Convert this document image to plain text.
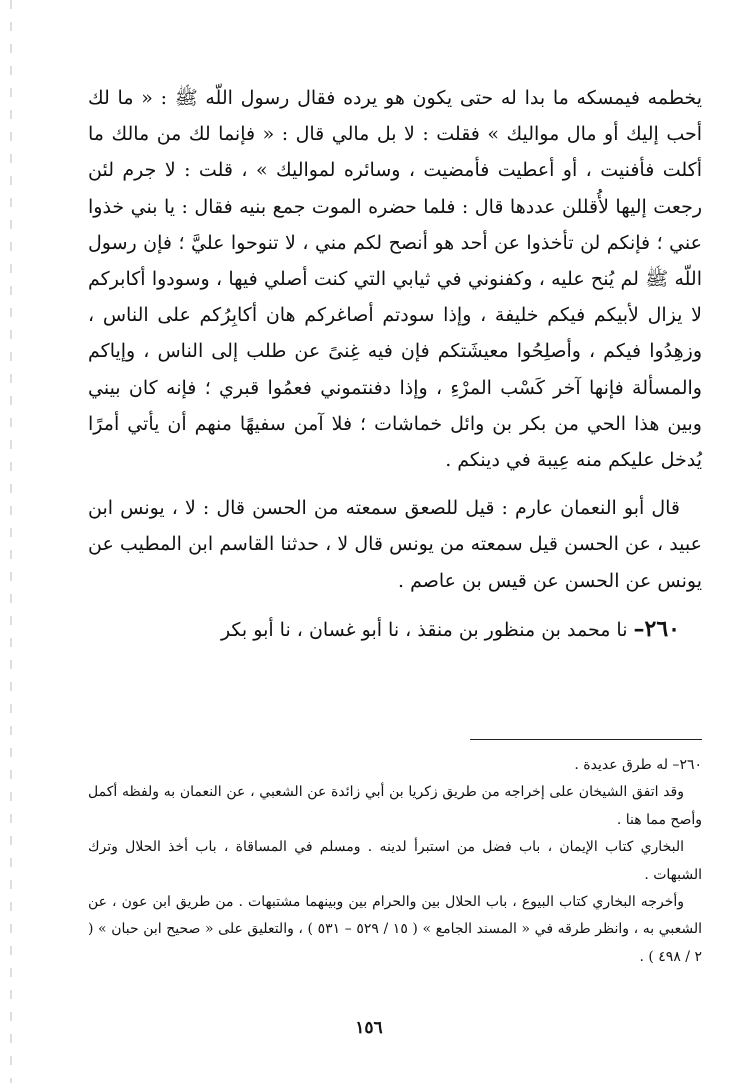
يخطمه فيمسكه ما بدا له حتى يكون هو يرده فقال رسول اللّه ﷺ : « ما لك أحب إليك أو مال مواليك » فقلت : لا بل مالي قال : « فإنما لك من مالك ما أكلت فأفنيت ، أو أعطيت فأمضيت ، وسائره لمواليك » ، قلت : لا جرم لئن رجعت إليها لأُقللن عددها قال : فلما حضره الموت جمع بنيه فقال : يا بني خذوا عني ؛ فإنكم لن تأخذوا عن أحد هو أنصح لكم مني ، لا تنوحوا عليَّ ؛ فإن رسول اللّه ﷺ لم يُنح عليه ، وكفنوني في ثيابي التي كنت أصلي فيها ، وسودوا أكابركم لا يزال لأبيكم فيكم خليفة ، وإذا سودتم أصاغركم هان أكابِرُكم على الناس ، وزهِدُوا فيكم ، وأصلِحُوا معيشَتكم فإن فيه غِنىً عن طلب إلى الناس ، وإياكم والمسألة فإنها آخر كَسْب المرْءِ ، وإذا دفنتموني فعمُوا قبري ؛ فإنه كان بيني وبين هذا الحي من بكر بن وائل خماشات ؛ فلا آمن سفيهًا منهم أن يأتي أمرًا يُدخل عليكم منه عِيبة في دينكم .

قال أبو النعمان عارم : قيل للصعق سمعته من الحسن قال : لا ، يونس ابن عبيد ، عن الحسن قيل سمعته من يونس قال لا ، حدثنا القاسم ابن المطيب عن يونس عن الحسن عن قيس بن عاصم .

٢٦٠– نا محمد بن منظور بن منقذ ، نا أبو غسان ، نا أبو بكر

٢٦٠– له طرق عديدة .

وقد اتفق الشيخان على إخراجه من طريق زكريا بن أبي زائدة عن الشعبي ، عن النعمان به ولفظه أكمل وأصح مما هنا .

البخاري كتاب الإيمان ، باب فضل من استبرأ لدينه . ومسلم في المساقاة ، باب أخذ الحلال وترك الشبهات .

وأخرجه البخاري كتاب البيوع ، باب الحلال بين والحرام بين وبينهما مشتبهات . من طريق ابن عون ، عن الشعبي به ، وانظر طرقه في « المسند الجامع » ( ١٥ / ٥٢٩ – ٥٣١ ) ، والتعليق على « صحيح ابن حبان » ( ٢ / ٤٩٨ ) .

١٥٦
